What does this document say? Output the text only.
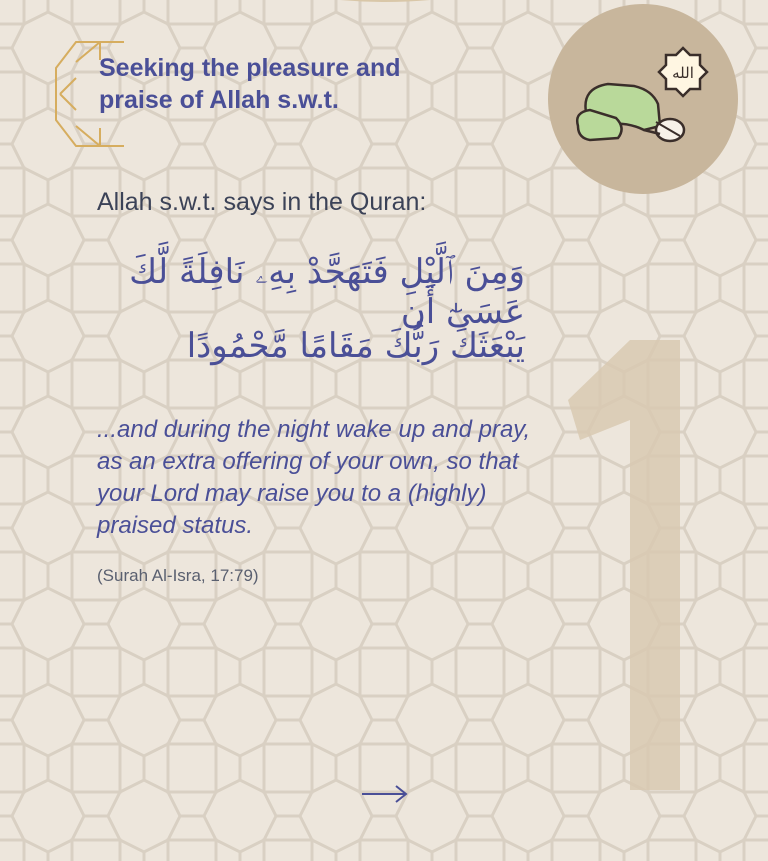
Seeking the pleasure and
praise of Allah s.w.t.
الله

Allah s.w.t. says in the Quran:

وَمِنَ ٱلَّيْلِ فَتَهَجَّدْ بِهِۦ نَافِلَةً لَّكَ عَسَىٰٓ أَن

يَبْعَثَكَ رَبُّكَ مَقَامًا مَّحْمُودًا

...and during the night wake up and pray, as an extra offering of your own, so that your Lord may raise you to a (highly) praised status.

(Surah Al-Isra, 17:79)
